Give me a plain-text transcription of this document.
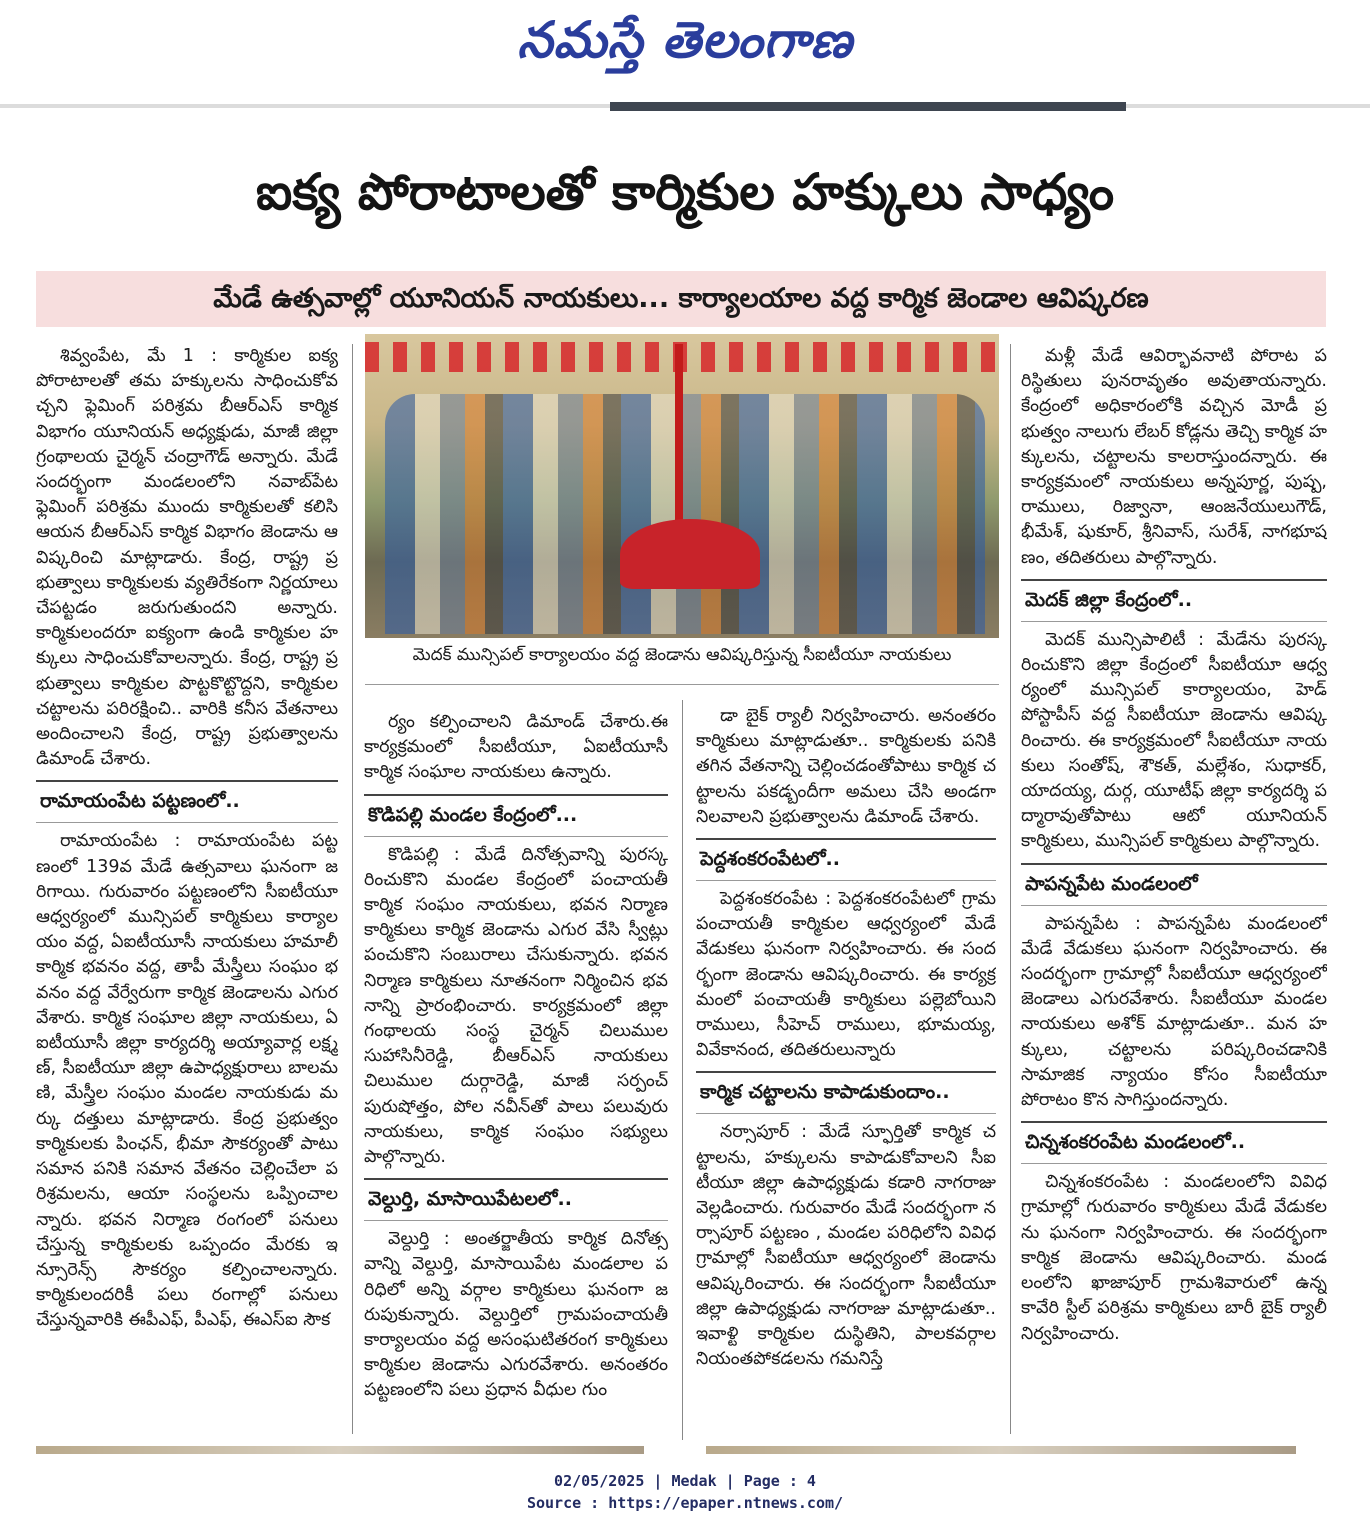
నమస్తే తెలంగాణ
ఐక్య పోరాటాలతో కార్మికుల హక్కులు సాధ్యం
మేడే ఉత్సవాల్లో యూనియన్ నాయకులు... కార్యాలయాల వద్ద కార్మిక జెండాల ఆవిష్కరణ
మెదక్ మున్సిపల్ కార్యాలయం వద్ద జెండాను ఆవిష్కరిస్తున్న సీఐటీయూ నాయకులు

శివ్వంపేట, మే 1 : కార్మికుల ఐక్య పోరాటాలతో తమ హక్కులను సాధించుకోవచ్చని ఫ్లెమింగ్ పరిశ్రమ బీఆర్ఎస్ కార్మిక విభాగం యూనియన్ అధ్యక్షుడు, మాజీ జిల్లా గ్రంథాలయ చైర్మన్ చంద్రాగౌడ్ అన్నారు. మేడే సందర్భంగా మండలంలోని నవాబ్‌పేట ఫ్లెమింగ్ పరిశ్రమ ముందు కార్మికులతో కలిసి ఆయన బీఆర్ఎస్ కార్మిక విభాగం జెండాను ఆవిష్కరించి మాట్లాడారు. కేంద్ర, రాష్ట్ర ప్రభుత్వాలు కార్మికులకు వ్యతిరేకంగా నిర్ణయాలు చేపట్టడం జరుగుతుందని అన్నారు. కార్మికులందరూ ఐక్యంగా ఉండి కార్మికుల హక్కులు సాధించుకోవాలన్నారు. కేంద్ర, రాష్ట్ర ప్రభుత్వాలు కార్మికుల పొట్టకొట్టొద్దని, కార్మికుల చట్టాలను పరిరక్షించి.. వారికి కనీస వేతనాలు అందించాలని కేంద్ర, రాష్ట్ర ప్రభుత్వాలను డిమాండ్ చేశారు.

రామాయంపేట పట్టణంలో..

రామాయంపేట : రామాయంపేట పట్టణంలో 139వ మేడే ఉత్సవాలు ఘనంగా జరిగాయి. గురువారం పట్టణంలోని సీఐటీయూ ఆధ్వర్యంలో మున్సిపల్ కార్మికులు కార్యాలయం వద్ద, ఏఐటీయూసీ నాయకులు హమాలీ కార్మిక భవనం వద్ద, తాపీ మేస్త్రీలు సంఘం భవనం వద్ద వేర్వేరుగా కార్మిక జెండాలను ఎగురవేశారు. కార్మిక సంఘాల జిల్లా నాయకులు, ఏఐటీయూసీ జిల్లా కార్యదర్శి అయ్యావార్ల లక్ష్మణ్, సీఐటీయూ జిల్లా ఉపాధ్యక్షురాలు బాలమణి, మేస్త్రీల సంఘం మండల నాయకుడు మర్కు దత్తులు మాట్లాడారు. కేంద్ర ప్రభుత్వం కార్మికులకు పింఛన్, భీమా సౌకర్యంతో పాటు సమాన పనికి సమాన వేతనం చెల్లించేలా పరిశ్రమలను, ఆయా సంస్థలను ఒప్పించాలన్నారు. భవన నిర్మాణ రంగంలో పనులు చేస్తున్న కార్మికులకు ఒప్పందం మేరకు ఇన్సూరెన్స్ సౌకర్యం కల్పించాలన్నారు. కార్మికులందరికీ పలు రంగాల్లో పనులు చేస్తున్నవారికి ఈపీఎఫ్, పీఎఫ్, ఈఎస్ఐ సౌక

ర్యం కల్పించాలని డిమాండ్ చేశారు.ఈ కార్యక్రమంలో సీఐటీయూ, ఏఐటీయూసీ కార్మిక సంఘాల నాయకులు ఉన్నారు.

కొడిపల్లి మండల కేంద్రంలో...

కొడిపల్లి : మేడే దినోత్సవాన్ని పురస్కరించుకొని మండల కేంద్రంలో పంచాయతీ కార్మిక సంఘం నాయకులు, భవన నిర్మాణ కార్మికులు కార్మిక జెండాను ఎగుర వేసి స్వీట్లు పంచుకొని సంబురాలు చేసుకున్నారు. భవన నిర్మాణ కార్మికులు నూతనంగా నిర్మించిన భవనాన్ని ప్రారంభించారు. కార్యక్రమంలో జిల్లా గంథాలయ సంస్థ చైర్మన్ చిలుముల సుహాసినీరెడ్డి, బీఆర్ఎస్ నాయకులు చిలుముల దుర్గారెడ్డి, మాజీ సర్పంచ్ పురుషోత్తం, పోల నవీన్‌తో పాలు పలువురు నాయకులు, కార్మిక సంఘం సభ్యులు పాల్గొన్నారు.

వెల్దుర్తి, మాసాయిపేటలలో..

వెల్దుర్తి : అంతర్జాతీయ కార్మిక దినోత్సవాన్ని వెల్దుర్తి, మాసాయిపేట మండలాల పరిధిలో అన్ని వర్గాల కార్మికులు ఘనంగా జరుపుకున్నారు. వెల్దుర్తిలో గ్రామపంచాయతీ కార్యాలయం వద్ద అసంఘటితరంగ కార్మికులు కార్మికుల జెండాను ఎగురవేశారు. అనంతరం పట్టణంలోని పలు ప్రధాన వీధుల గుం

డా బైక్ ర్యాలీ నిర్వహించారు. అనంతరం కార్మికులు మాట్లాడుతూ.. కార్మికులకు పనికి తగిన వేతనాన్ని చెల్లించడంతోపాటు కార్మిక చట్టాలను పకడ్బందీగా అమలు చేసి అండగా నిలవాలని ప్రభుత్వాలను డిమాండ్ చేశారు.

పెద్దశంకరంపేటలో..

పెద్దశంకరంపేట : పెద్దశంకరంపేటలో గ్రామపంచాయతీ కార్మికుల ఆధ్వర్యంలో మేడే వేడుకలు ఘనంగా నిర్వహించారు. ఈ సందర్భంగా జెండాను ఆవిష్కరించారు. ఈ కార్యక్రమంలో పంచాయతీ కార్మికులు పల్లెబోయిని రాములు, సీహెచ్ రాములు, భూమయ్య, వివేకానంద, తదితరులున్నారు

కార్మిక చట్టాలను కాపాడుకుందాం..

నర్సాపూర్ : మేడే స్ఫూర్తితో కార్మిక చట్టాలను, హక్కులను కాపాడుకోవాలని సీఐటీయూ జిల్లా ఉపాధ్యక్షుడు కడారి నాగరాజు వెల్లడించారు. గురువారం మేడే సందర్భంగా నర్సాపూర్ పట్టణం , మండల పరిధిలోని వివిధ గ్రామాల్లో సీఐటీయూ ఆధ్వర్యంలో జెండాను ఆవిష్కరించారు. ఈ సందర్భంగా సీఐటీయూ జిల్లా ఉపాధ్యక్షుడు నాగరాజు మాట్లాడుతూ.. ఇవాళ్టి కార్మికుల దుస్థితిని, పాలకవర్గాల నియంతపోకడలను గమనిస్తే

మళ్లీ మేడే ఆవిర్భావనాటి పోరాట పరిస్థితులు పునరావృతం అవుతాయన్నారు. కేంద్రంలో అధికారంలోకి వచ్చిన మోడీ ప్రభుత్వం నాలుగు లేబర్ కోడ్లను తెచ్చి కార్మిక హక్కులను, చట్టాలను కాలరాస్తుందన్నారు. ఈ కార్యక్రమంలో నాయకులు అన్నపూర్ణ, పుష్ప, రాములు, రిజ్వానా, ఆంజనేయులుగౌడ్, భీమేశ్, షుకూర్, శ్రీనివాస్, సురేశ్, నాగభూషణం, తదితరులు పాల్గొన్నారు.

మెదక్ జిల్లా కేంద్రంలో..

మెదక్ మున్సిపాలిటీ : మేడేను పురస్కరించుకొని జిల్లా కేంద్రంలో సీఐటీయూ ఆధ్వర్యంలో మున్సిపల్ కార్యాలయం, హెడ్ పోస్టాపీస్ వద్ద సీఐటీయూ జెండాను ఆవిష్కరించారు. ఈ కార్యక్రమంలో సీఐటీయూ నాయకులు సంతోష్, శౌకత్, మల్లేశం, సుధాకర్, యాదయ్య, దుర్గ, యూటీఫ్ జిల్లా కార్యదర్శి పద్మారావుతోపాటు ఆటో యూనియన్ కార్మికులు, మున్సిపల్ కార్మికులు పాల్గొన్నారు.

పాపన్నపేట మండలంలో

పాపన్నపేట : పాపన్నపేట మండలంలో మేడే వేడుకలు ఘనంగా నిర్వహించారు. ఈ సందర్భంగా గ్రామాల్లో సీఐటీయూ ఆధ్వర్యంలో జెండాలు ఎగురవేశారు. సీఐటీయూ మండల నాయకులు అశోక్ మాట్లాడుతూ.. మన హక్కులు, చట్టాలను పరిష్కరించడానికి సామాజిక న్యాయం కోసం సీఐటీయూ పోరాటం కొన సాగిస్తుందన్నారు.

చిన్నశంకరంపేట మండలంలో..

చిన్నశంకరంపేట : మండలంలోని వివిధ గ్రామాల్లో గురువారం కార్మికులు మేడే వేడుకలను ఘనంగా నిర్వహించారు. ఈ సందర్భంగా కార్మిక జెండాను ఆవిష్కరించారు. మండలంలోని ఖాజాపూర్ గ్రామశివారులో ఉన్న కావేరి స్టీల్ పరిశ్రమ కార్మికులు బారీ బైక్ ర్యాలీ నిర్వహించారు.

02/05/2025 | Medak | Page : 4
Source : https://epaper.ntnews.com/
